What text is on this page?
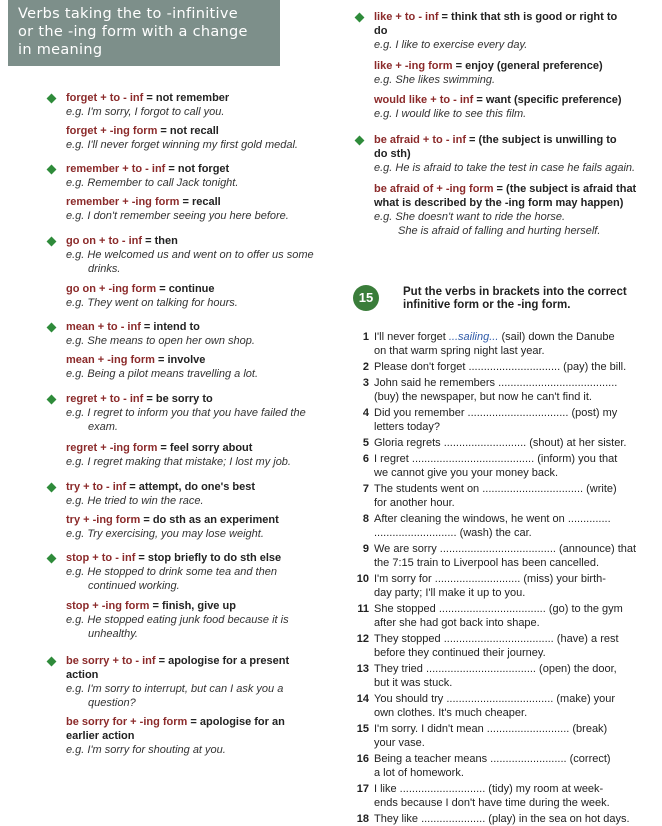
Verbs taking the to -infinitive
or the -ing form with a change
in meaning
forget + to - inf = not remember
e.g. I'm sorry, I forgot to call you.
forget + -ing form = not recall
e.g. I'll never forget winning my first gold medal.
remember + to - inf = not forget
e.g. Remember to call Jack tonight.
remember + -ing form = recall
e.g. I don't remember seeing you here before.
go on + to - inf = then
e.g. He welcomed us and went on to offer us some
drinks.
go on + -ing form = continue
e.g. They went on talking for hours.
mean + to - inf = intend to
e.g. She means to open her own shop.
mean + -ing form = involve
e.g. Being a pilot means travelling a lot.
regret + to - inf = be sorry to
e.g. I regret to inform you that you have failed the
exam.
regret + -ing form = feel sorry about
e.g. I regret making that mistake; I lost my job.
try + to - inf = attempt, do one's best
e.g. He tried to win the race.
try + -ing form = do sth as an experiment
e.g. Try exercising, you may lose weight.
stop + to - inf = stop briefly to do sth else
e.g. He stopped to drink some tea and then
continued working.
stop + -ing form = finish, give up
e.g. He stopped eating junk food because it is
unhealthy.
be sorry + to - inf = apologise for a present
action
e.g. I'm sorry to interrupt, but can I ask you a
question?
be sorry for + -ing form = apologise for an
earlier action
e.g. I'm sorry for shouting at you.
like + to - inf = think that sth is good or right to
do
e.g. I like to exercise every day.
like + -ing form = enjoy (general preference)
e.g. She likes swimming.
would like + to - inf = want (specific preference)
e.g. I would like to see this film.
be afraid + to - inf = (the subject is unwilling to
do sth)
e.g. He is afraid to take the test in case he fails again.
be afraid of + -ing form = (the subject is afraid that
what is described by the -ing form may happen)
e.g. She doesn't want to ride the horse.
She is afraid of falling and hurting herself.
15	Put the verbs in brackets into the correct
infinitive form or the -ing form.
1 I'll never forget ...sailing... (sail) down the Danube
on that warm spring night last year.
2 Please don't forget .............................. (pay) the bill.
3 John said he remembers .......................................
(buy) the newspaper, but now he can't find it.
4 Did you remember ................................. (post) my
letters today?
5 Gloria regrets ........................... (shout) at her sister.
6 I regret ........................................ (inform) you that
we cannot give you your money back.
7 The students went on ................................. (write)
for another hour.
8 After cleaning the windows, he went on ..............
........................... (wash) the car.
9 We are sorry ...................................... (announce) that
the 7:15 train to Liverpool has been cancelled.
10 I'm sorry for ............................ (miss) your birth-
day party; I'll make it up to you.
11 She stopped ................................... (go) to the gym
after she had got back into shape.
12 They stopped .................................... (have) a rest
before they continued their journey.
13 They tried .................................... (open) the door,
but it was stuck.
14 You should try ................................... (make) your
own clothes. It's much cheaper.
15 I'm sorry. I didn't mean ........................... (break)
your vase.
16 Being a teacher means ......................... (correct)
a lot of homework.
17 I like ............................ (tidy) my room at week-
ends because I don't have time during the week.
18 They like ..................... (play) in the sea on hot days.
